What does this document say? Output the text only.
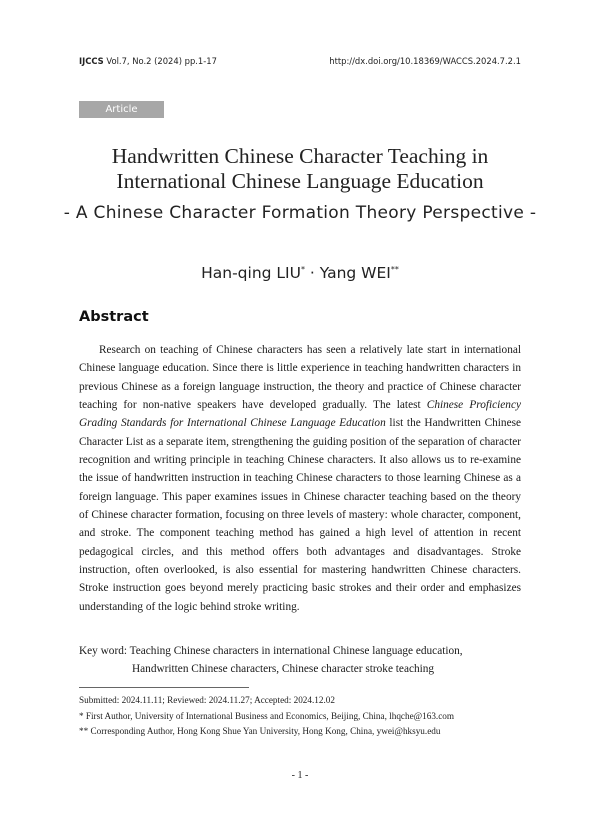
IJCCS Vol.7, No.2 (2024) pp.1-17	http://dx.doi.org/10.18369/WACCS.2024.7.2.1
Article
Handwritten Chinese Character Teaching in
International Chinese Language Education
- A Chinese Character Formation Theory Perspective -
Han-qing LIU* · Yang WEI**
Abstract
Research on teaching of Chinese characters has seen a relatively late start in international Chinese language education. Since there is little experience in teaching handwritten characters in previous Chinese as a foreign language instruction, the theory and practice of Chinese character teaching for non-native speakers have developed gradually. The latest Chinese Proficiency Grading Standards for International Chinese Language Education list the Handwritten Chinese Character List as a separate item, strengthening the guiding position of the separation of character recognition and writing principle in teaching Chinese characters. It also allows us to re-examine the issue of handwritten instruction in teaching Chinese characters to those learning Chinese as a foreign language. This paper examines issues in Chinese character teaching based on the theory of Chinese character formation, focusing on three levels of mastery: whole character, component, and stroke. The component teaching method has gained a high level of attention in recent pedagogical circles, and this method offers both advantages and disadvantages. Stroke instruction, often overlooked, is also essential for mastering handwritten Chinese characters. Stroke instruction goes beyond merely practicing basic strokes and their order and emphasizes understanding of the logic behind stroke writing.
Key word: Teaching Chinese characters in international Chinese language education,
Handwritten Chinese characters, Chinese character stroke teaching
Submitted: 2024.11.11; Reviewed: 2024.11.27; Accepted: 2024.12.02
* First Author, University of International Business and Economics, Beijing, China, lhqche@163.com
** Corresponding Author, Hong Kong Shue Yan University, Hong Kong, China, ywei@hksyu.edu
- 1 -
